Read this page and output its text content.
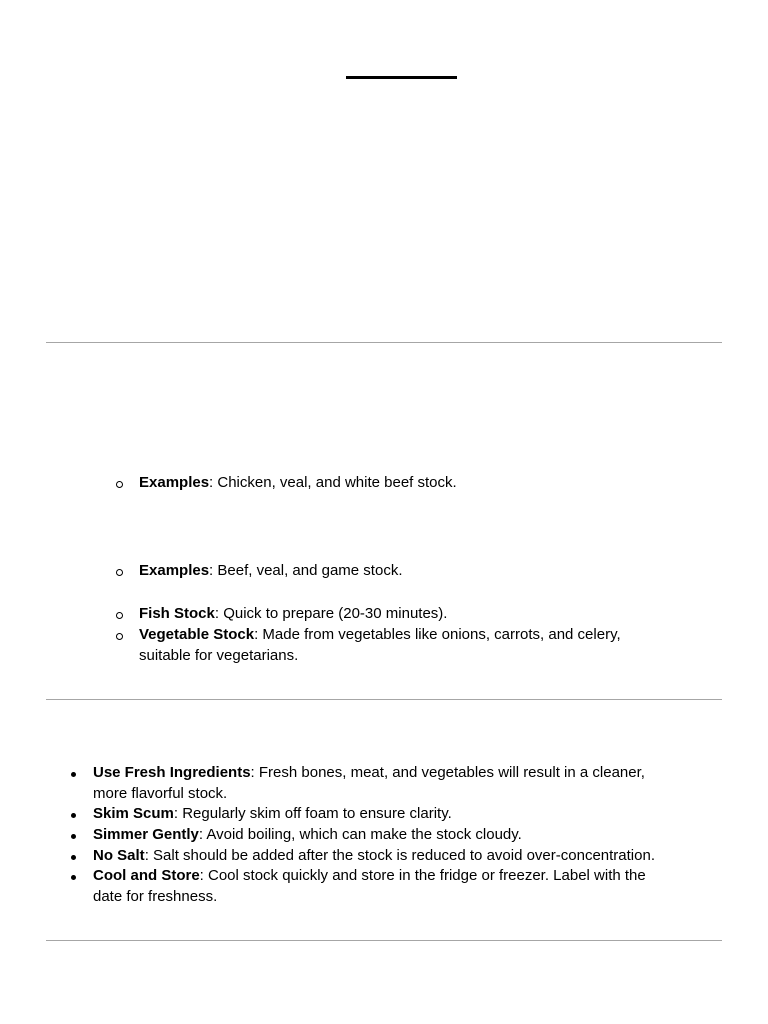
Examples: Chicken, veal, and white beef stock.
Examples: Beef, veal, and game stock.
Fish Stock: Quick to prepare (20-30 minutes).
Vegetable Stock: Made from vegetables like onions, carrots, and celery,
suitable for vegetarians.
Use Fresh Ingredients: Fresh bones, meat, and vegetables will result in a cleaner,
more flavorful stock.
Skim Scum: Regularly skim off foam to ensure clarity.
Simmer Gently: Avoid boiling, which can make the stock cloudy.
No Salt: Salt should be added after the stock is reduced to avoid over-concentration.
Cool and Store: Cool stock quickly and store in the fridge or freezer. Label with the
date for freshness.
